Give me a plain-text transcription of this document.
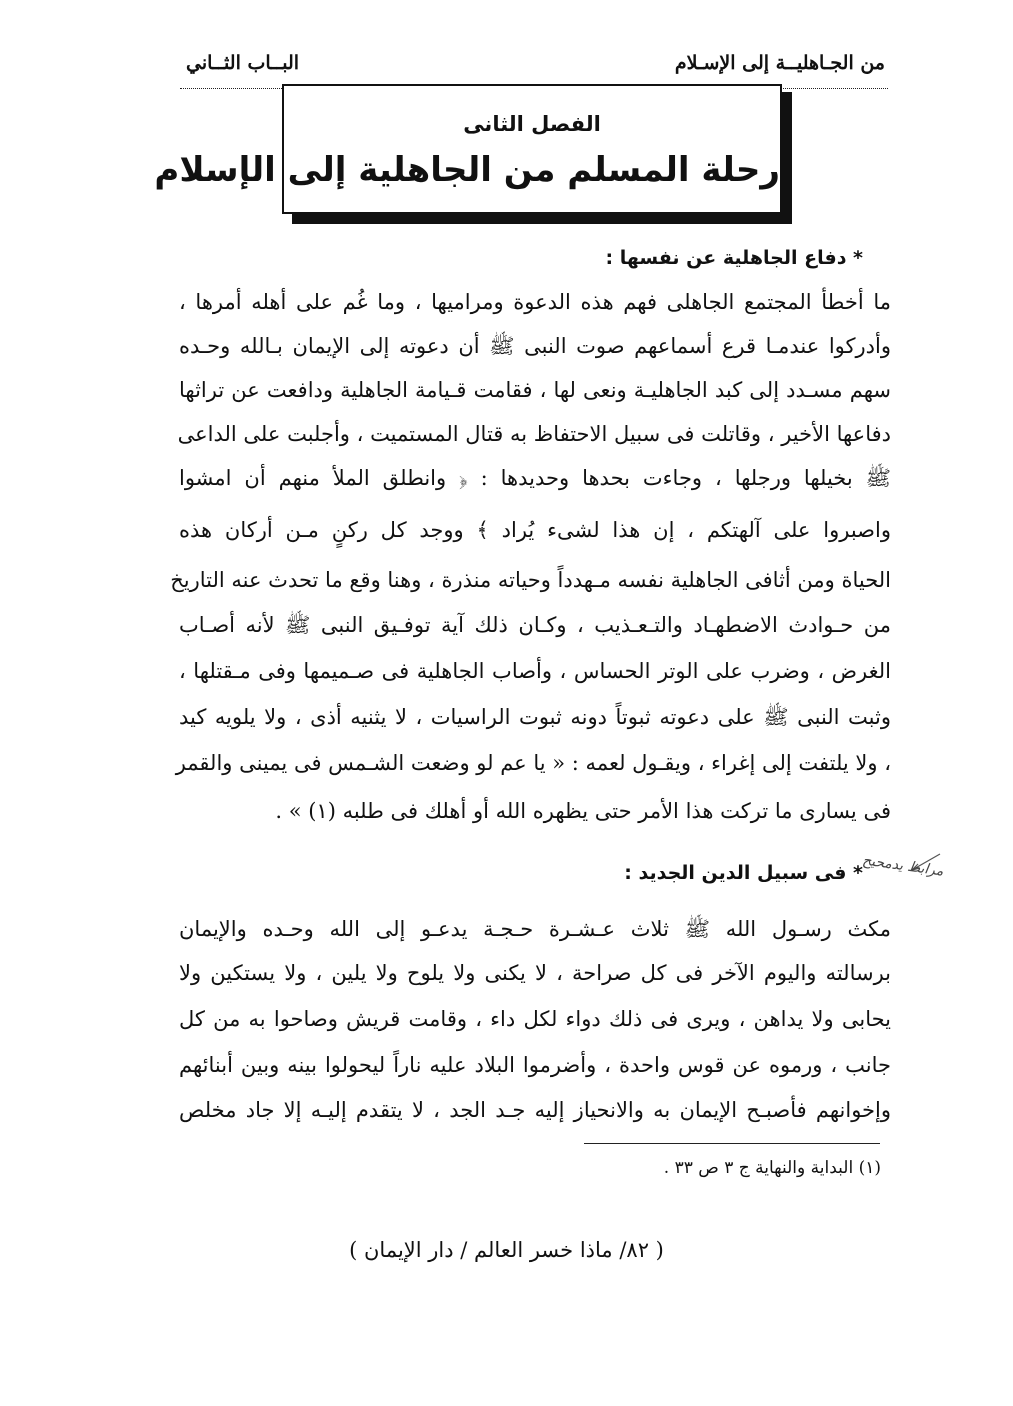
من الجـاهليــة إلى الإسـلام
البــاب الثــاني
الفصل الثانى
رحلة المسلم من الجاهلية إلى الإسلام
* دفاع الجاهلية عن نفسها :
ما أخطأ المجتمع الجاهلى فهم هذه الدعوة ومراميها ، وما غُم على أهله أمرها ،
وأدركوا عندمـا قرع أسماعهم صوت النبى ﷺ أن دعوته إلى الإيمان بـالله وحـده
سهم مسـدد إلى كبد الجاهليـة ونعى لها ، فقامت قـيامة الجاهلية ودافعت عن تراثها
دفاعها الأخير ، وقاتلت فى سبيل الاحتفاظ به قتال المستميت ، وأجلبت على الداعى
ﷺ بخيلها ورجلها ، وجاءت بحدها وحديدها : ﴿ وانطلق الملأ منهم أن امشوا
واصبروا على آلهتكم ، إن هذا لشىء يُراد ﴾ ووجد كل ركنٍ مـن أركان هذه
الحياة ومن أثافى الجاهلية نفسه مـهدداً وحياته منذرة ، وهنا وقع ما تحدث عنه التاريخ
من حـوادث الاضطهـاد والتـعـذيب ، وكـان ذلك آية توفـيق النبى ﷺ لأنه أصـاب
الغرض ، وضرب على الوتر الحساس ، وأصاب الجاهلية فى صـميمها وفى مـقتلها ،
وثبت النبى ﷺ على دعوته ثبوتاً دونه ثبوت الراسيات ، لا يثنيه أذى ، ولا يلويه كيد
، ولا يلتفت إلى إغراء ، ويقـول لعمه : « يا عم لو وضعت الشـمس فى يمينى والقمر
فى يسارى ما تركت هذا الأمر حتى يظهره الله أو أهلك فى طلبه (١) » .
مرابط يدمحيح
* فى سبيل الدين الجديد :
مكث رسـول الله ﷺ ثلاث عـشـرة حـجـة يدعـو إلى الله وحـده والإيمان
برسالته واليوم الآخر فى كل صراحة ، لا يكنى ولا يلوح ولا يلين ، ولا يستكين ولا
يحابى ولا يداهن ، ويرى فى ذلك دواء لكل داء ، وقامت قريش وصاحوا به من كل
جانب ، ورموه عن قوس واحدة ، وأضرموا البلاد عليه ناراً ليحولوا بينه وبين أبنائهم
وإخوانهم فأصبـح الإيمان به والانحياز إليه جـد الجد ، لا يتقدم إليـه إلا جاد مخلص
(١) البداية والنهاية ج ٣ ص ٣٣ .
( ٨٢/ ماذا خسر العالم / دار الإيمان )
